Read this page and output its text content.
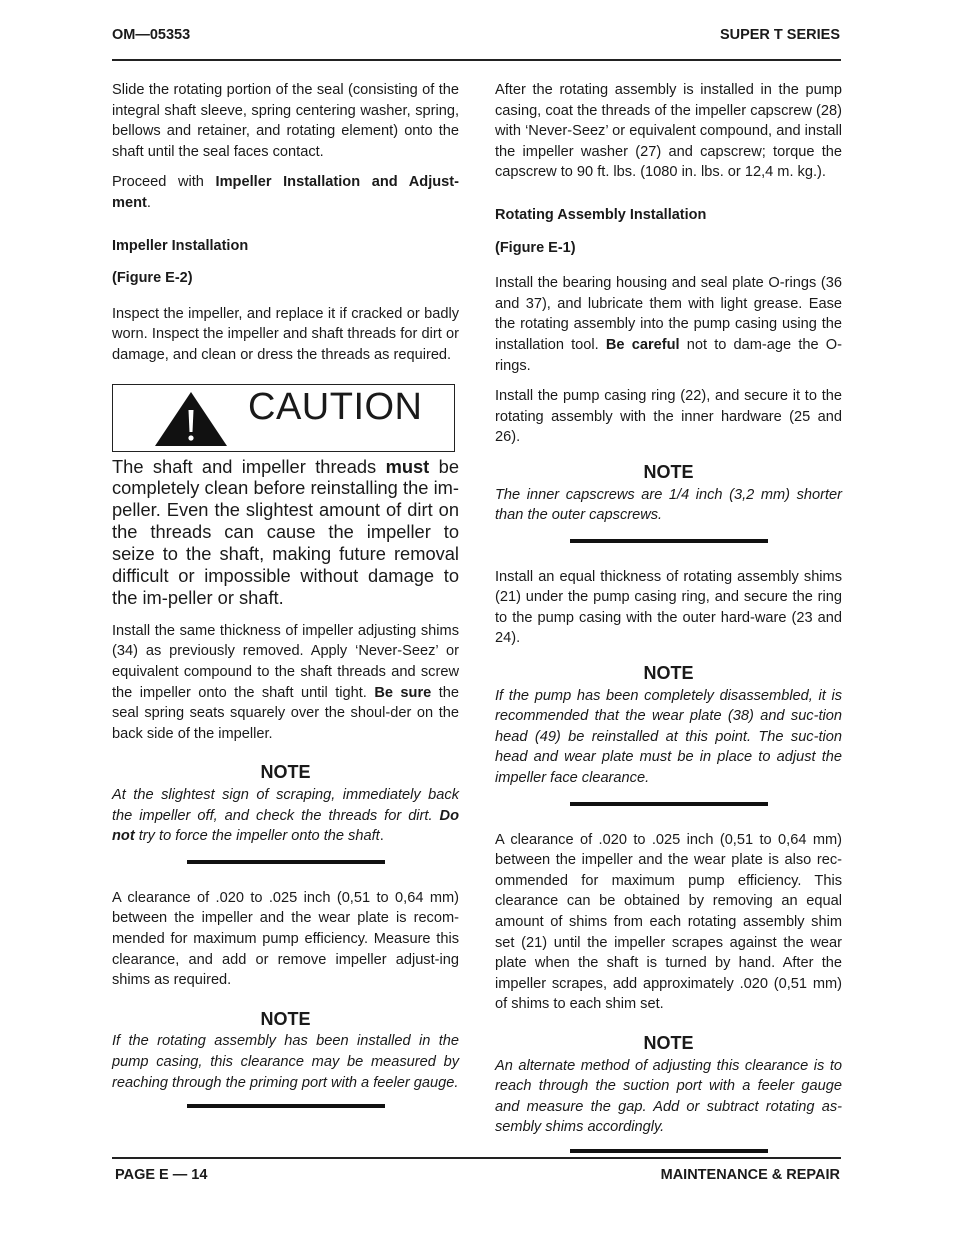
OM—05353	SUPER T SERIES

Slide the rotating portion of the seal (consisting of the integral shaft sleeve, spring centering washer, spring, bellows and retainer, and rotating element) onto the shaft until the seal faces contact.

Proceed with Impeller Installation and Adjust-ment.

Impeller Installation
(Figure E-2)

Inspect the impeller, and replace it if cracked or badly worn. Inspect the impeller and shaft threads for dirt or damage, and clean or dress the threads as required.

CAUTION

The shaft and impeller threads must be completely clean before reinstalling the im-peller. Even the slightest amount of dirt on the threads can cause the impeller to seize to the shaft, making future removal difficult or impossible without damage to the im-peller or shaft.

Install the same thickness of impeller adjusting shims (34) as previously removed. Apply ‘Never-Seez’ or equivalent compound to the shaft threads and screw the impeller onto the shaft until tight. Be sure the seal spring seats squarely over the shoul-der on the back side of the impeller.

NOTE

At the slightest sign of scraping, immediately back the impeller off, and check the threads for dirt. Do not try to force the impeller onto the shaft.

A clearance of .020 to .025 inch (0,51 to 0,64 mm) between the impeller and the wear plate is recom-mended for maximum pump efficiency. Measure this clearance, and add or remove impeller adjust-ing shims as required.

NOTE

If the rotating assembly has been installed in the pump casing, this clearance may be measured by reaching through the priming port with a feeler gauge.

After the rotating assembly is installed in the pump casing, coat the threads of the impeller capscrew (28) with ‘Never-Seez’ or equivalent compound, and install the impeller washer (27) and capscrew; torque the capscrew to 90 ft. lbs. (1080 in. lbs. or 12,4 m. kg.).

Rotating Assembly Installation
(Figure E-1)

Install the bearing housing and seal plate O-rings (36 and 37), and lubricate them with light grease. Ease the rotating assembly into the pump casing using the installation tool. Be careful not to dam-age the O-rings.

Install the pump casing ring (22), and secure it to the rotating assembly with the inner hardware (25 and 26).

NOTE

The inner capscrews are 1/4 inch (3,2 mm) shorter than the outer capscrews.

Install an equal thickness of rotating assembly shims (21) under the pump casing ring, and secure the ring to the pump casing with the outer hard-ware (23 and 24).

NOTE

If the pump has been completely disassembled, it is recommended that the wear plate (38) and suc-tion head (49) be reinstalled at this point. The suc-tion head and wear plate must be in place to adjust the impeller face clearance.

A clearance of .020 to .025 inch (0,51 to 0,64 mm) between the impeller and the wear plate is also rec-ommended for maximum pump efficiency. This clearance can be obtained by removing an equal amount of shims from each rotating assembly shim set (21) until the impeller scrapes against the wear plate when the shaft is turned by hand. After the impeller scrapes, add approximately .020 (0,51 mm) of shims to each shim set.

NOTE

An alternate method of adjusting this clearance is to reach through the suction port with a feeler gauge and measure the gap. Add or subtract rotating as-sembly shims accordingly.

PAGE E — 14	MAINTENANCE & REPAIR
